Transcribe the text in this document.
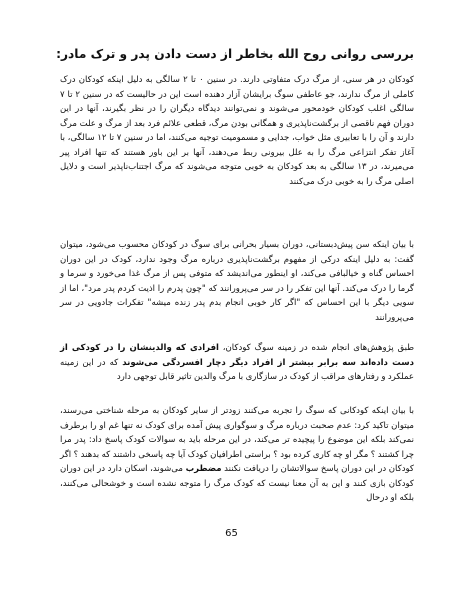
بررسی روانی روح الله بخاطر از دست دادن پدر و ترک مادر:
کودکان در هر سنی، از مرگ درک متفاوتی دارند. در سنین ۰ تا ۲ سالگی به دلیل اینکه کودکان درک کاملی از مرگ ندارند، جو عاطفی سوگ برایشان آزار دهنده است این در حالیست که در سنین ۲ تا ۷ سالگی اغلب کودکان خودمحور می‌شوند و نمی‌توانند دیدگاه دیگران را در نظر بگیرند، آنها در این دوران فهم ناقصی از برگشت‌ناپذیری و همگانی بودن مرگ، قطعی علائم فرد بعد از مرگ و علت مرگ دارند و آن را با تعابیری مثل خواب، جدایی و مسمومیت توجیه می‌کنند، اما در سنین ۷ تا ۱۲ سالگی، با آغاز تفکر انتزاعی مرگ را به علل بیرونی ربط می‌دهند، آنها بر این باور هستند که تنها افراد پیر می‌میرند، در ۱۳ سالگی به بعد کودکان به خوبی متوجه می‌شوند که مرگ اجتناب‌ناپذیر است و دلایل اصلی مرگ را به خوبی درک می‌کنند
با بیان اینکه سن پیش‌دبستانی، دوران بسیار بحرانی برای سوگ در کودکان محسوب می‌شود، میتوان گفت: به دلیل اینکه درکی از مفهوم برگشت‌ناپذیری درباره مرگ وجود ندارد، کودک در این دوران احساس گناه و خیالبافی می‌کند، او اینطور می‌اندیشد که متوفی پس از مرگ غذا می‌خورد و سرما و گرما را درک می‌کند. آنها این تفکر را در سر می‌پرورانند که "چون پدرم را اذیت کردم پدر مرد"، اما از سویی دیگر با این احساس که "اگر کار خوبی انجام بدم پدر زنده میشه" تفکرات جادویی در سر می‌پرورانند
طبق پژوهش‌های انجام شده در زمینه سوگ کودکان، افرادی که والدینشان را در کودکی از دست داده‌اند سه برابر بیشتر از افراد دیگر دچار افسردگی می‌شوند که در این زمینه عملکرد و رفتارهای مراقب از کودک در سازگاری با مرگ والدین تاثیر قابل توجهی دارد
با بیان اینکه کودکانی که سوگ را تجربه می‌کنند زودتر از سایر کودکان به مرحله شناختی می‌رسند، میتوان تاکید کرد: عدم صحبت درباره مرگ و سوگواری پیش آمده برای کودک نه تنها غم او را برطرف نمی‌کند بلکه این موضوع را پیچیده تر می‌کند، در این مرحله باید به سوالات کودک پاسخ داد: پدر مرا چرا کشتند ؟ مگر او چه کاری کرده بود ؟ براستی اطرافیان کودک آیا چه پاسخی داشتند که بدهند ؟ اگر کودکان در این دوران پاسخ سوالاتشان را دریافت نکنند مضطرب می‌شوند، اسکان دارد در این دوران کودکان بازی کنند و این به آن معنا نیست که کودک مرگ را متوجه نشده است و خوشحالی می‌کنند، بلکه او درحال
65
